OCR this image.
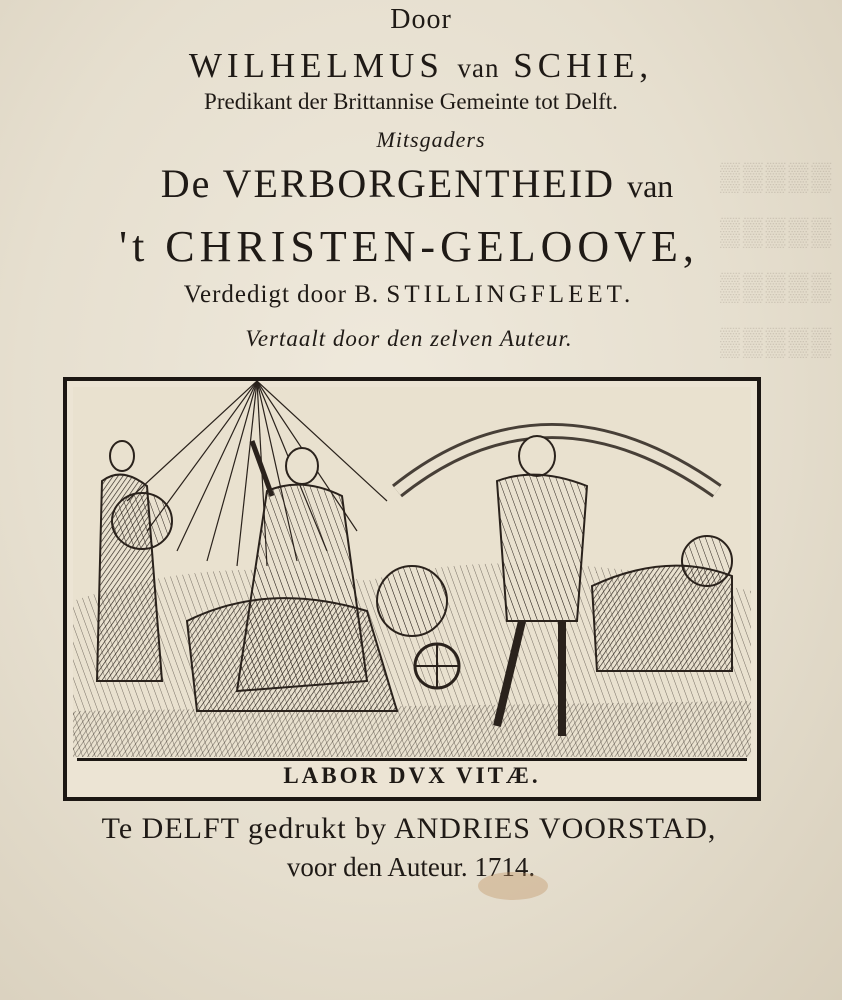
▒▒▒▒▒
▒▒▒▒▒
▒▒▒▒▒
▒▒▒▒▒
Door
WILHELMUS van SCHIE,
Predikant der Brittannise Gemeinte tot Delft.
Mitsgaders
De VERBORGENTHEID van
't CHRISTEN-GELOOVE,
Verdedigt door B. STILLINGFLEET.
Vertaalt door den zelven Auteur.
LABOR DVX VITÆ.
Te DELFT gedrukt by ANDRIES VOORSTAD,
voor den Auteur. 1714.
